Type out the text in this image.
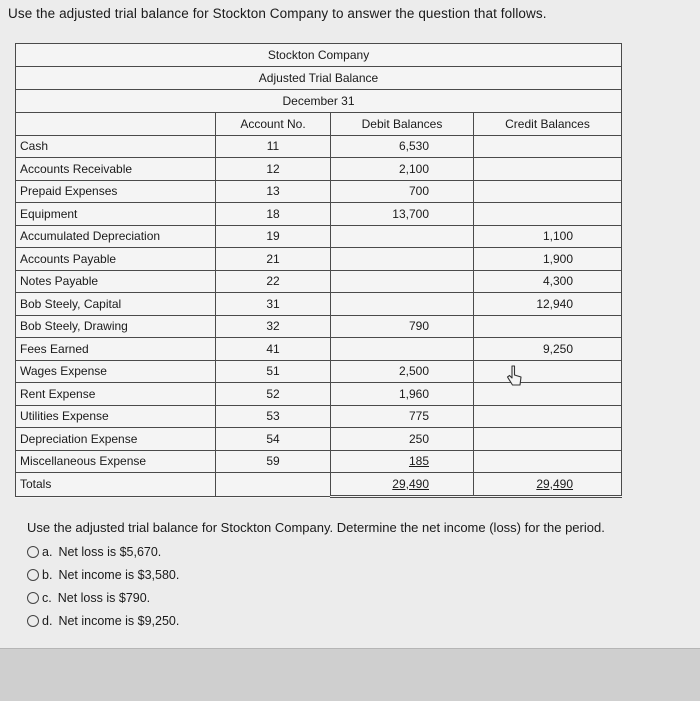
Use the adjusted trial balance for Stockton Company to answer the question that follows.
Stockton Company			
Adjusted Trial Balance			
December 31			
	Account No.	Debit Balances	Credit Balances
Cash	11	6,530	
Accounts Receivable	12	2,100	
Prepaid Expenses	13	700	
Equipment	18	13,700	
Accumulated Depreciation	19		1,100
Accounts Payable	21		1,900
Notes Payable	22		4,300
Bob Steely, Capital	31		12,940
Bob Steely, Drawing	32	790	
Fees Earned	41		9,250
Wages Expense	51	2,500	
Rent Expense	52	1,960	
Utilities Expense	53	775	
Depreciation Expense	54	250	
Miscellaneous Expense	59	185	
Totals		29,490	29,490
Use the adjusted trial balance for Stockton Company. Determine the net income (loss) for the period.
a. Net loss is $5,670.
b. Net income is $3,580.
c. Net loss is $790.
d. Net income is $9,250.
